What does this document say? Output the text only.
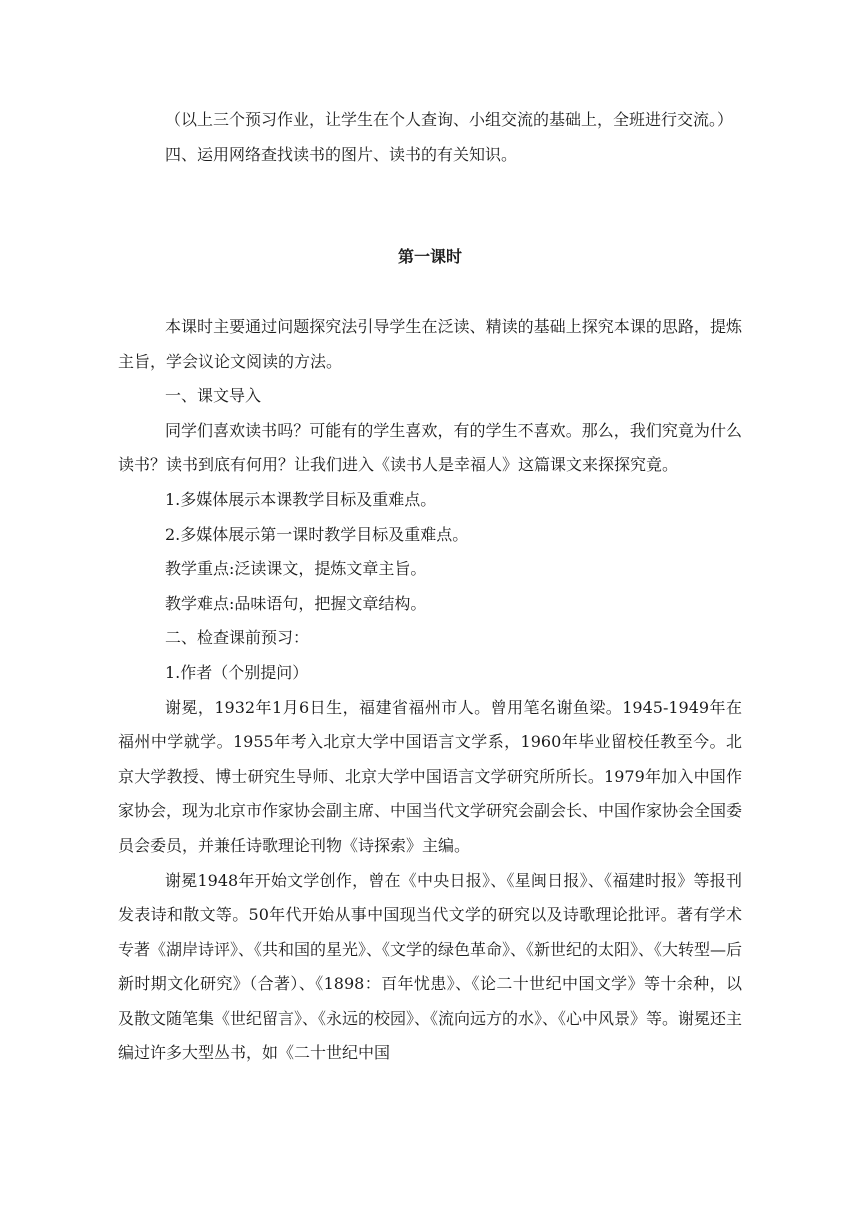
（以上三个预习作业，让学生在个人查询、小组交流的基础上，全班进行交流。）

四、运用网络查找读书的图片、读书的有关知识。

第一课时

本课时主要通过问题探究法引导学生在泛读、精读的基础上探究本课的思路，提炼主旨，学会议论文阅读的方法。

一、课文导入

同学们喜欢读书吗？可能有的学生喜欢，有的学生不喜欢。那么，我们究竟为什么读书？读书到底有何用？让我们进入《读书人是幸福人》这篇课文来探探究竟。

1.多媒体展示本课教学目标及重难点。

2.多媒体展示第一课时教学目标及重难点。

教学重点:泛读课文，提炼文章主旨。

教学难点:品味语句，把握文章结构。

二、检查课前预习：

1.作者（个别提问）

谢冕，1932年1月6日生，福建省福州市人。曾用笔名谢鱼梁。1945-1949年在福州中学就学。1955年考入北京大学中国语言文学系，1960年毕业留校任教至今。北京大学教授、博士研究生导师、北京大学中国语言文学研究所所长。1979年加入中国作家协会，现为北京市作家协会副主席、中国当代文学研究会副会长、中国作家协会全国委员会委员，并兼任诗歌理论刊物《诗探索》主编。

谢冕1948年开始文学创作，曾在《中央日报》、《星闽日报》、《福建时报》等报刊发表诗和散文等。50年代开始从事中国现当代文学的研究以及诗歌理论批评。著有学术专著《湖岸诗评》、《共和国的星光》、《文学的绿色革命》、《新世纪的太阳》、《大转型—后新时期文化研究》（合著）、《1898：百年忧患》、《论二十世纪中国文学》等十余种，以及散文随笔集《世纪留言》、《永远的校园》、《流向远方的水》、《心中风景》等。谢冕还主编过许多大型丛书，如《二十世纪中国
